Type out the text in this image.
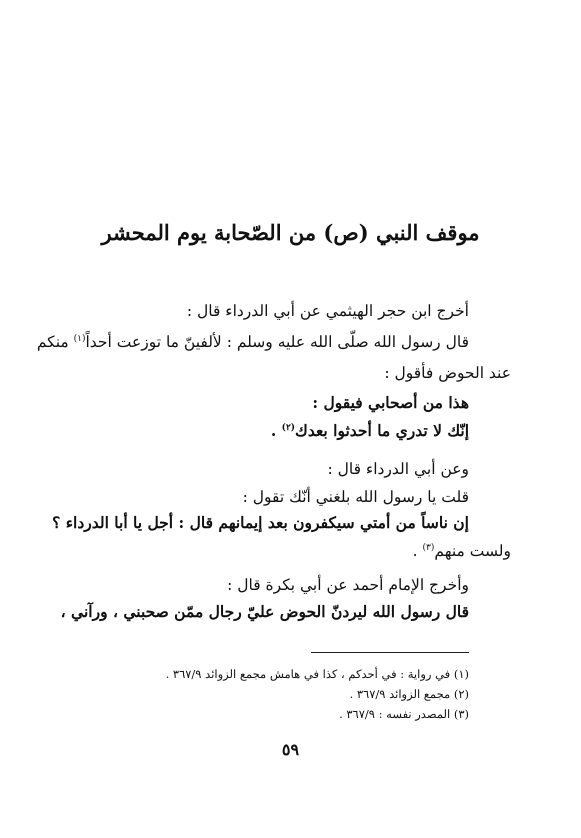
موقف النبي (ص) من الصّحابة يوم المحشر
أخرج ابن حجر الهيثمي عن أبي الدرداء قال :
قال رسول الله صلّى الله عليه وسلم : لألفينّ ما توزعت أحداً$^{(١)}$ منكم
عند الحوض فأقول :
هذا من أصحابي فيقول :
إنّك لا تدري ما أحدثوا بعدك$^{(٢)}$ .
وعن أبي الدرداء قال :
قلت يا رسول الله بلغني أنّك تقول :
إن ناساً من أمتي سيكفرون بعد إيمانهم قال : أجل يا أبا الدرداء ؟
ولست منهم$^{(٣)}$ .
وأخرج الإمام أحمد عن أبي بكرة قال :
قال رسول الله ليردنّ الحوض عليّ رجال ممّن صحبني ، ورآني ،
(١) في رواية : في أحدكم ، كذا في هامش مجمع الزوائد ٣٦٧/٩ .
(٢) مجمع الزوائد ٣٦٧/٩ .
(٣) المصدر نفسه : ٣٦٧/٩ .
٥٩
